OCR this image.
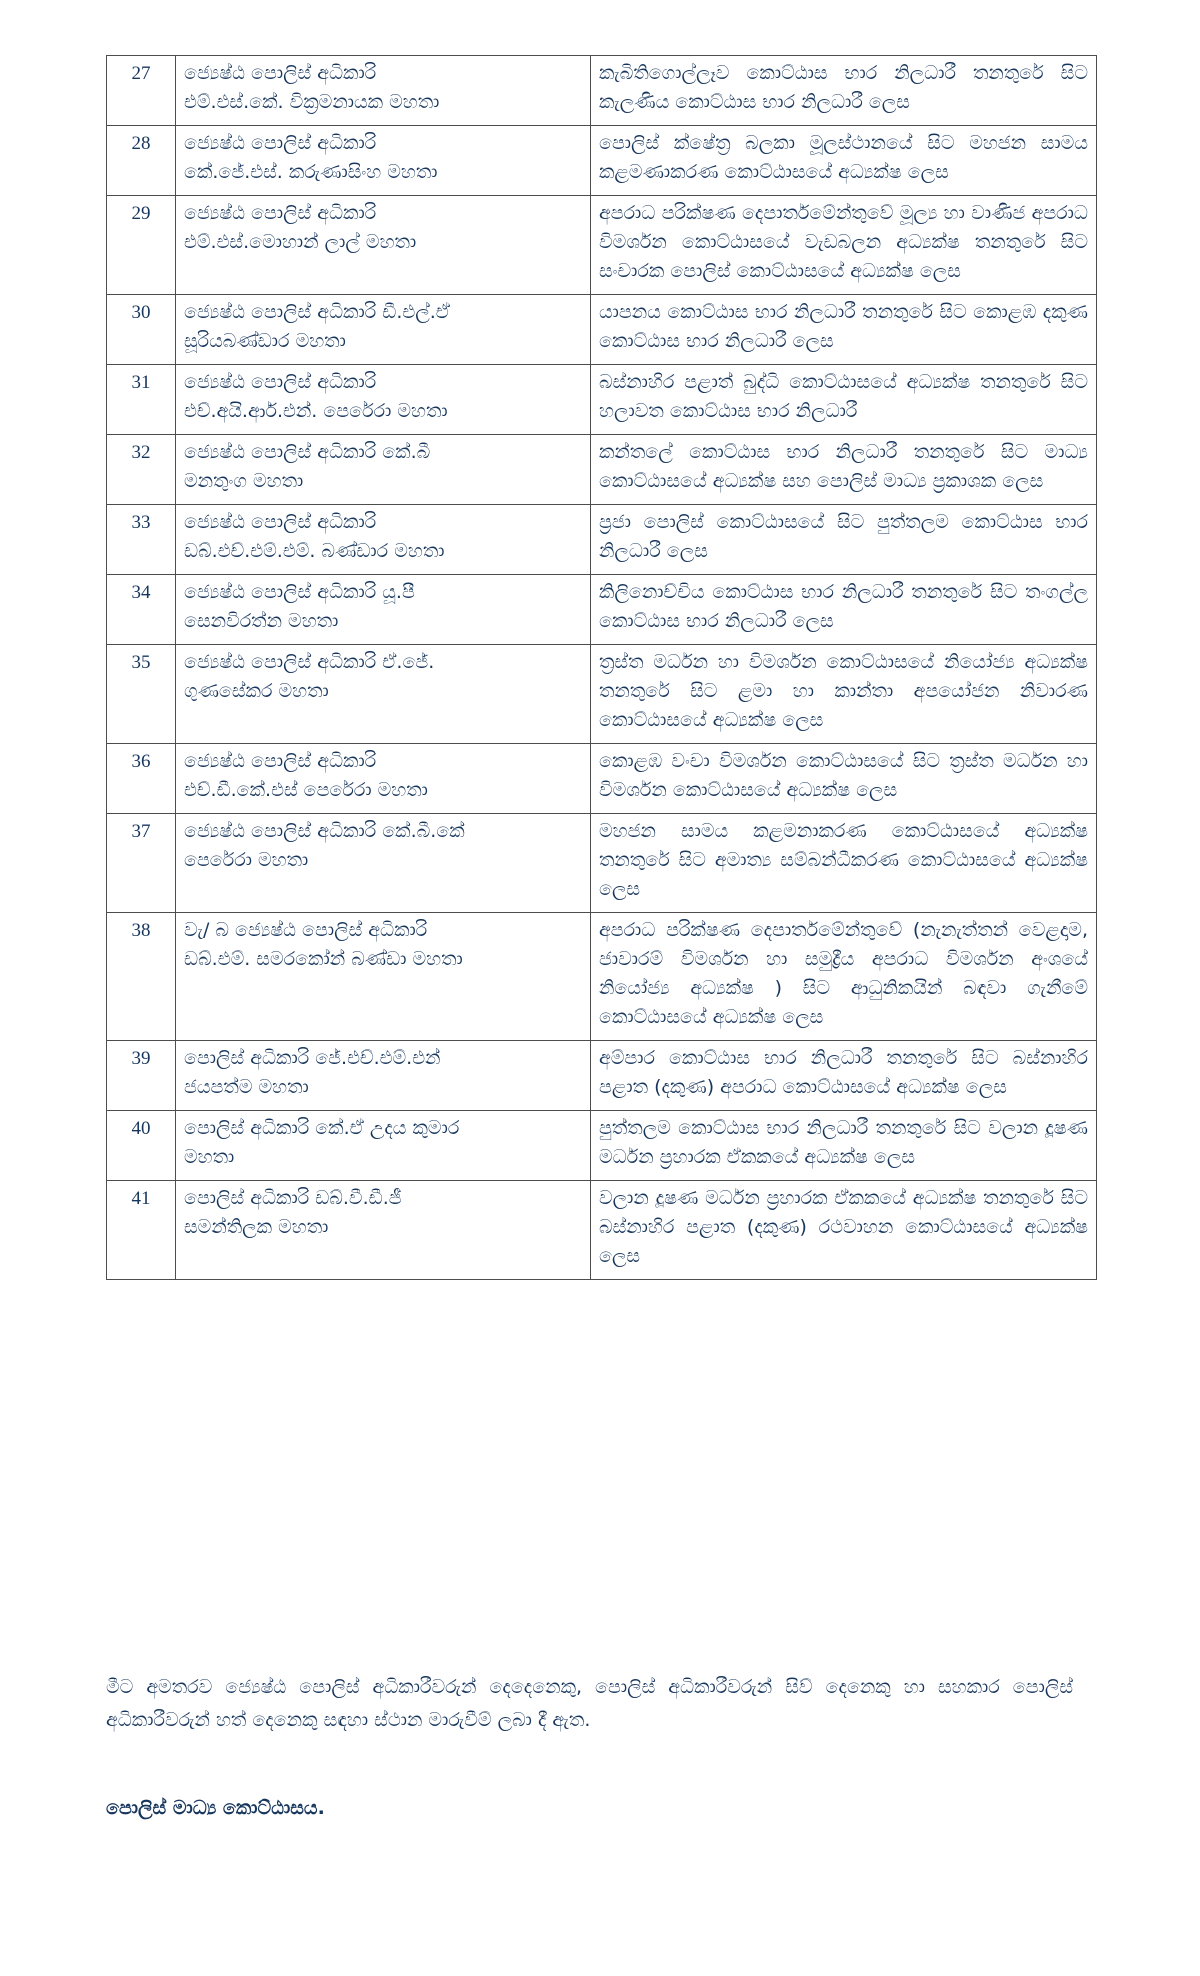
27	ජ්‍යෙෂ්ඨ පොලිස් අධිකාරි
එම්.එස්.කේ. වික්‍රමනායක මහතා	කැබිතිගොල්ලෑව කොට්ඨාස භාර නිලධාරී තනතුරේ සිට කැලණිය කොට්ඨාස භාර නිලධාරී ලෙස
28	ජ්‍යෙෂ්ඨ පොලිස් අධිකාරි
කේ.ජේ.එස්. කරුණාසිංහ මහතා	පොලිස් ක්ෂේත්‍ර බලකා මූලස්ථානයේ සිට මහජන සාමය කළමණාකරණ කොට්ඨාසයේ අධ්‍යක්ෂ ලෙස
29	ජ්‍යෙෂ්ඨ පොලිස් අධිකාරි
එම්.එස්.මොහාන් ලාල් මහතා	අපරාධ පරික්ෂණ දෙපාර්තමේන්තුවේ මූල්‍ය හා වාණිජ අපරාධ විමර්ශන කොට්ඨාසයේ වැඩබලන අධ්‍යක්ෂ තනතුරේ සිට සංචාරක පොලිස් කොට්ඨාසයේ අධ්‍යක්ෂ ලෙස
30	ජ්‍යෙෂ්ඨ පොලිස් අධිකාරි ඩී.එල්.ඒ
සූරියබණ්ඩාර මහතා	යාපනය කොට්ඨාස භාර නිලධාරී තනතුරේ සිට කොළඹ දකුණ කොට්ඨාස භාර නිලධාරී ලෙස
31	ජ්‍යෙෂ්ඨ පොලිස් අධිකාරි
එච්.අයි.ආර්.එන්. පෙරේරා මහතා	බස්නාහිර පළාත් බුද්ධි කොට්ඨාසයේ අධ්‍යක්ෂ තනතුරේ සිට හලාවත කොට්ඨාස භාර නිලධාරී
32	ජ්‍යෙෂ්ඨ පොලිස් අධිකාරි කේ.බී
මනතුංග මහතා	කන්තලේ කොට්ඨාස භාර නිලධාරී තනතුරේ සිට මාධ්‍ය කොට්ඨාසයේ අධ්‍යක්ෂ සහ පොලිස් මාධ්‍ය ප්‍රකාශක ලෙස
33	ජ්‍යෙෂ්ඨ පොලිස් අධිකාරි
ඩබ්.එච්.එම්.එම්. බණ්ඩාර මහතා	ප්‍රජා පොලිස් කොට්ඨාසයේ සිට පුත්තලම කොට්ඨාස භාර නිලධාරී ලෙස
34	ජ්‍යෙෂ්ඨ පොලිස් අධිකාරි යූ.පී
සෙනවිරත්න මහතා	කිලිනොච්චිය කොට්ඨාස භාර නිලධාරී තනතුරේ සිට තංගල්ල කොට්ඨාස භාර නිලධාරී ලෙස
35	ජ්‍යෙෂ්ඨ පොලිස් අධිකාරි ඒ.ජේ.
ගුණසේකර මහතා	ත්‍රස්ත මර්ධන හා විමර්ශන කොට්ඨාසයේ නියෝජ්‍ය අධ්‍යක්ෂ තනතුරේ සිට ළමා හා කාන්තා අපයෝජන නිවාරණ කොට්ඨාසයේ අධ්‍යක්ෂ ලෙස
36	ජ්‍යෙෂ්ඨ පොලිස් අධිකාරි
එච්.ඩී.කේ.එස් පෙරේරා මහතා	කොළඹ වංචා විමර්ශන කොට්ඨාසයේ සිට ත්‍රස්ත මර්ධන හා විමර්ශන කොට්ඨාසයේ අධ්‍යක්ෂ ලෙස
37	ජ්‍යෙෂ්ඨ පොලිස් අධිකාරි කේ.බී.කේ
පෙරේරා මහතා	මහජන සාමය කළමනාකරණ කොට්ඨාසයේ අධ්‍යක්ෂ තනතුරේ සිට අමාත්‍ය සම්බන්ධීකරණ කොට්ඨාසයේ අධ්‍යක්ෂ ලෙස
38	වැ/ බ ජ්‍යෙෂ්ඨ පොලිස් අධිකාරි
ඩබ්.එම්. සමරකෝන් බණ්ඩා මහතා	අපරාධ පරික්ෂණ දෙපාර්තමේන්තුවේ (නැනැත්තන් වෙළදාම, ජාවාරම් විමර්ශන හා සමුද්‍රීය අපරාධ විමර්ශන අංශයේ නියෝජ්‍ය අධ්‍යක්ෂ ) සිට ආධුනිකයින් බඳවා ගැනීමේ කොට්ඨාසයේ අධ්‍යක්ෂ ලෙස
39	පොලිස් අධිකාරි ජේ.එච්.එම්.එන්
ජයපත්ම මහතා	අම්පාර කොට්ඨාස භාර නිලධාරී තනතුරේ සිට බස්නාහිර පළාත (දකුණ) අපරාධ කොට්ඨාසයේ අධ්‍යක්ෂ ලෙස
40	පොලිස් අධිකාරි කේ.ඒ උදය කුමාර
මහතා	පුත්තලම කොට්ඨාස භාර නිලධාරී තනතුරේ සිට වලාන දූෂණ මර්ධන ප්‍රහාරක ඒකකයේ අධ්‍යක්ෂ ලෙස
41	පොලිස් අධිකාරි ඩබ්.වී.ඩී.ජී
සමන්තිලක මහතා	වලාන දූෂණ මර්ධන ප්‍රහාරක ඒකකයේ අධ්‍යක්ෂ තනතුරේ සිට බස්නාහිර පළාත (දකුණ) රථවාහන කොට්ඨාසයේ අධ්‍යක්ෂ ලෙස

මීට අමතරව ජ්‍යෙෂ්ඨ පොලිස් අධිකාරීවරුන් දෙදෙනෙකු, පොලිස් අධිකාරීවරුන් සිව් දෙනෙකු හා සහකාර පොලිස් අධිකාරීවරුන් හත් දෙනෙකු සඳහා ස්ථාන මාරුවීම් ලබා දී ඇත.

පොලිස් මාධ්‍ය කොට්ඨාසය.
